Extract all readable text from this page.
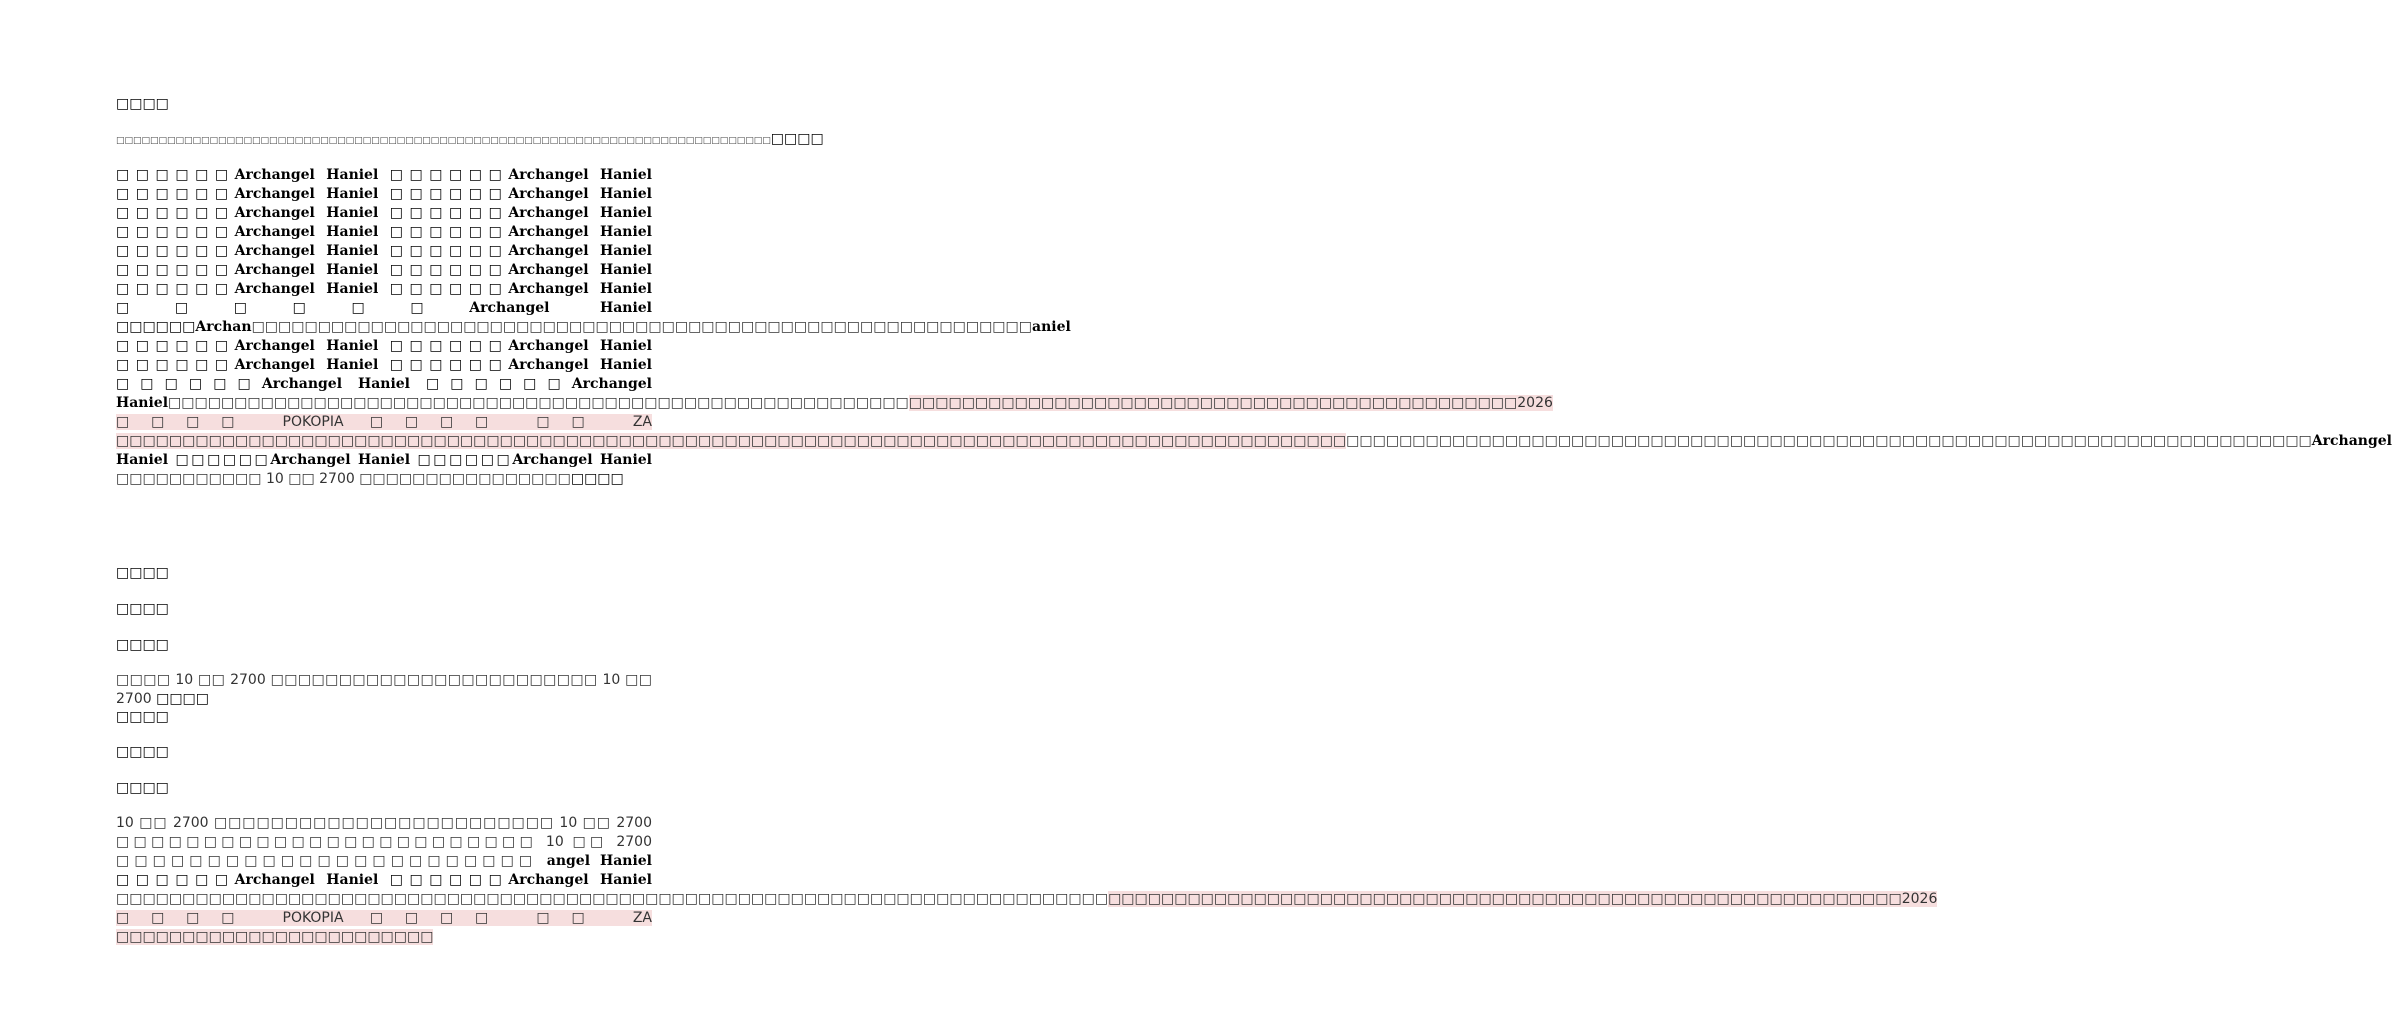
□□□□
□□□□□□□□□□□□□□□□□□□□□□□□□□□□□□□□□□□□□□□□□□□□□□□□□□□□□□□□□□□□□□□□□□□□□□□□□□□□□□□□□
□□□□□□Archangel Haniel □□□□□□Archangel Haniel □□□□□□Archangel Haniel □□□□□□Archangel Haniel □□□□□□Archangel Haniel □□□□□□Archangel Haniel □□□□□□Archangel Haniel □□□□□□Archangel Haniel □□□□□□Archangel Haniel □□□□□□Archangel Haniel □□□□□□Archangel Haniel □□□□□□Archangel Haniel □□□□□□Archangel Haniel □□□□□□Archangel Haniel □□□□□□Archangel Haniel □□□□□□Archan□□□□□□□□□□□□□□□□□□□□□□□□□□□□□□□□□□□□□□□□□□□□□□□□□□□□□□□□□□□aniel □□□□□□Archangel Haniel □□□□□□Archangel Haniel □□□□□□Archangel Haniel □□□□□□Archangel Haniel □□□□□□Archangel Haniel □□□□□□Archangel Haniel□□□□□□□□□□□□□□□□□□□□□□□□□□□□□□□□□□□□□□□□□□□□□□□□□□□□□□□□□□□□□□□□□□□□□□□□□□□□□□□□□□□□□□□□□□□□□□□□□□□□□□2026 □□□□ POKOPIA □□□□ □□ ZA □□□□□□□□□□□□□□□□□□□□□□□□□□□□□□□□□□□□□□□□□□□□□□□□□□□□□□□□□□□□□□□□□□□□□□□□□□□□□□□□□□□□□□□□□□□□□□□□□□□□□□□□□□□□□□□□□□□□□□□□□□□□□□□□□□□□□□□□□□□□□□□□□□□□□□□□□□□□□□□□□□□□□□Archangel Haniel □□□□□□Archangel Haniel □□□□□□Archangel Haniel □□□□□□□□□□□ 10 □□ 2700 □□□□□□□□□□□□□□□□□□□□
□□□□
□□□□
□□□□
□□□□ 10 □□ 2700 □□□□□□□□□□□□□□□□□□□□□□□□ 10 □□ 2700 □□□□
□□□□
□□□□
□□□□
10 □□ 2700 □□□□□□□□□□□□□□□□□□□□□□□□ 10 □□ 2700 □□□□□□□□□□□□□□□□□□□□□□□□ 10 □□ 2700 □□□□□□□□□□□□□□□□□□□□□□□ angel Haniel □□□□□□Archangel Haniel □□□□□□Archangel Haniel □□□□□□□□□□□□□□□□□□□□□□□□□□□□□□□□□□□□□□□□□□□□□□□□□□□□□□□□□□□□□□□□□□□□□□□□□□□□□□□□□□□□□□□□□□□□□□□□□□□□□□□□□□□□□□□□□□□□□□□□□□□□□□□□□□□□□□□2026 □□□□ POKOPIA □□□□ □□ ZA □□□□□□□□□□□□□□□□□□□□□□□□
